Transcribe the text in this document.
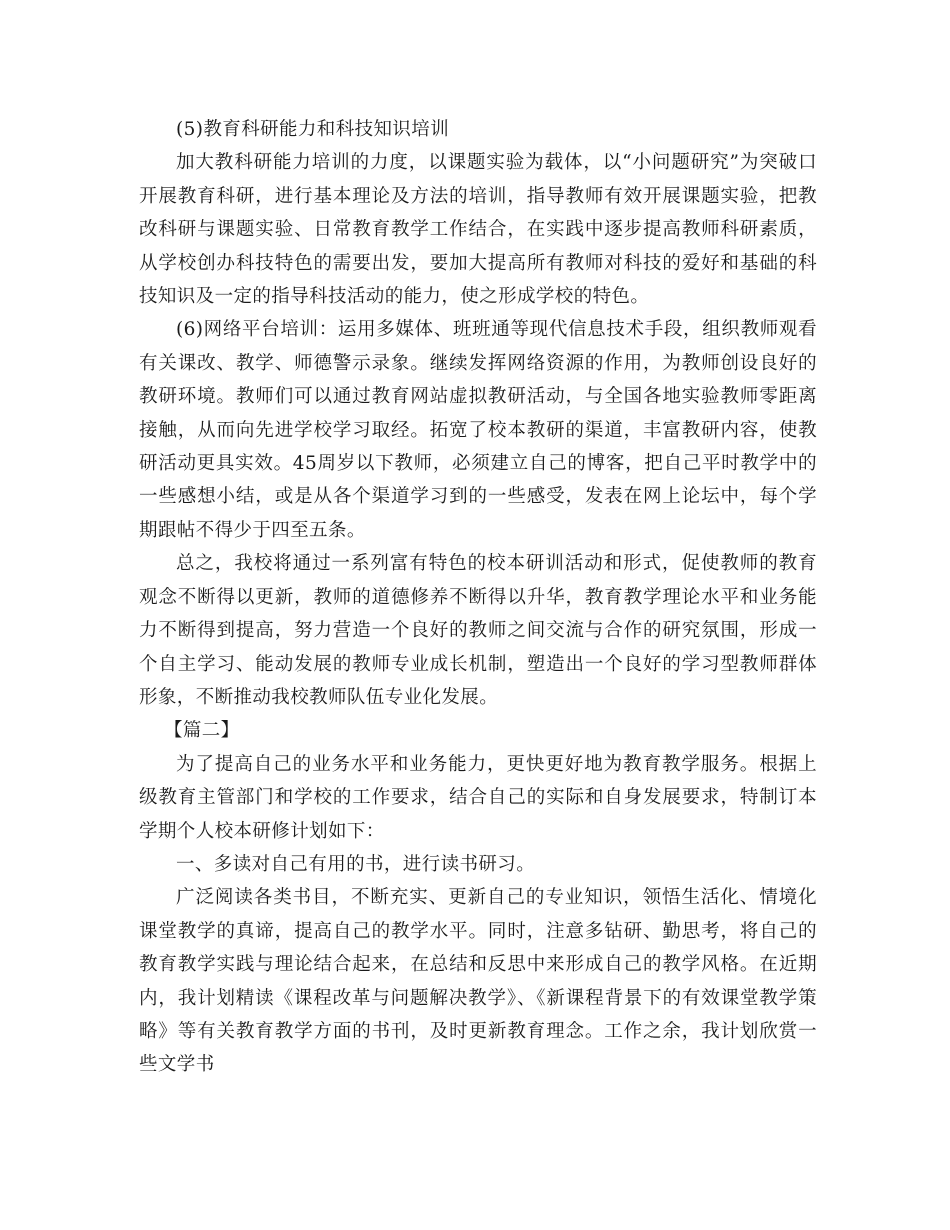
(5)教育科研能力和科技知识培训

加大教科研能力培训的力度，以课题实验为载体，以“小问题研究”为突破口开展教育科研，进行基本理论及方法的培训，指导教师有效开展课题实验，把教改科研与课题实验、日常教育教学工作结合，在实践中逐步提高教师科研素质，从学校创办科技特色的需要出发，要加大提高所有教师对科技的爱好和基础的科技知识及一定的指导科技活动的能力，使之形成学校的特色。

(6)网络平台培训：运用多媒体、班班通等现代信息技术手段，组织教师观看有关课改、教学、师德警示录象。继续发挥网络资源的作用，为教师创设良好的教研环境。教师们可以通过教育网站虚拟教研活动，与全国各地实验教师零距离接触，从而向先进学校学习取经。拓宽了校本教研的渠道，丰富教研内容，使教研活动更具实效。45周岁以下教师，必须建立自己的博客，把自己平时教学中的一些感想小结，或是从各个渠道学习到的一些感受，发表在网上论坛中，每个学期跟帖不得少于四至五条。

总之，我校将通过一系列富有特色的校本研训活动和形式，促使教师的教育观念不断得以更新，教师的道德修养不断得以升华，教育教学理论水平和业务能力不断得到提高，努力营造一个良好的教师之间交流与合作的研究氛围，形成一个自主学习、能动发展的教师专业成长机制，塑造出一个良好的学习型教师群体形象，不断推动我校教师队伍专业化发展。

【篇二】

为了提高自己的业务水平和业务能力，更快更好地为教育教学服务。根据上级教育主管部门和学校的工作要求，结合自己的实际和自身发展要求，特制订本学期个人校本研修计划如下：

一、多读对自己有用的书，进行读书研习。

广泛阅读各类书目，不断充实、更新自己的专业知识，领悟生活化、情境化课堂教学的真谛，提高自己的教学水平。同时，注意多钻研、勤思考，将自己的教育教学实践与理论结合起来，在总结和反思中来形成自己的教学风格。在近期内，我计划精读《课程改革与问题解决教学》、《新课程背景下的有效课堂教学策略》等有关教育教学方面的书刊，及时更新教育理念。工作之余，我计划欣赏一些文学书
